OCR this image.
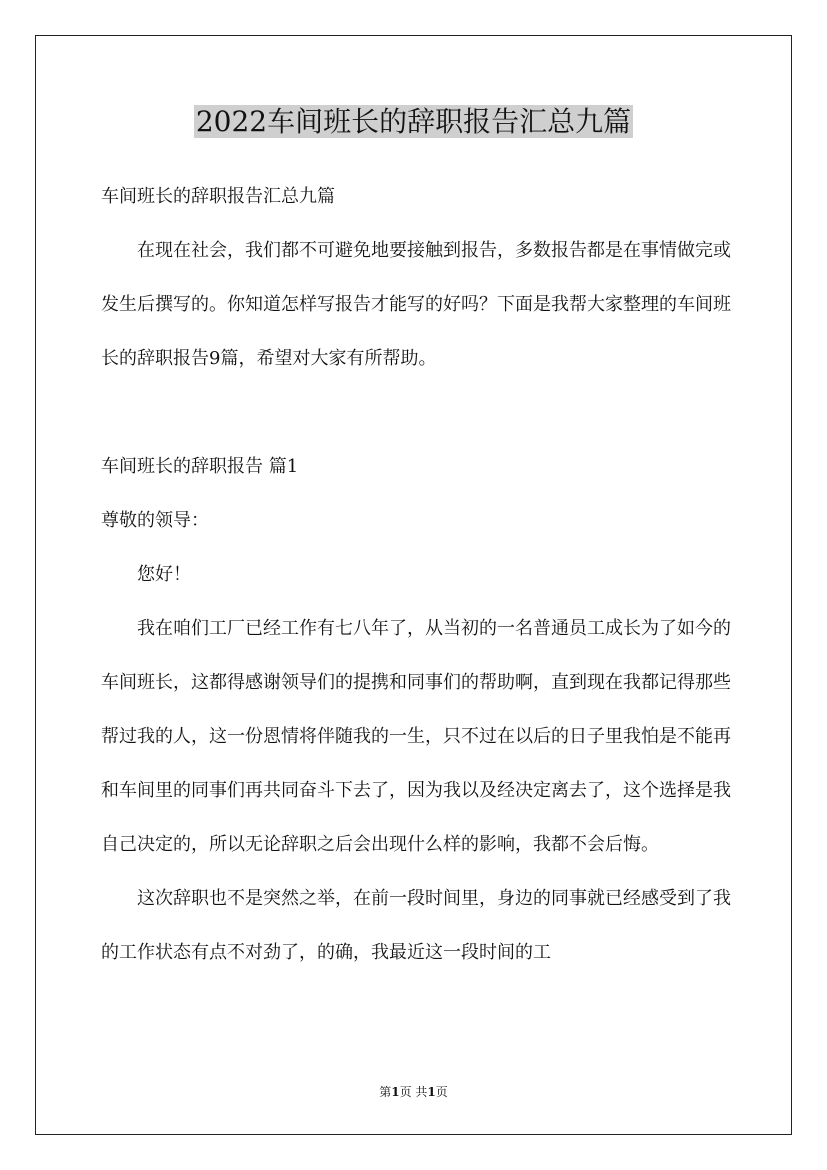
2022车间班长的辞职报告汇总九篇

车间班长的辞职报告汇总九篇

在现在社会，我们都不可避免地要接触到报告，多数报告都是在事情做完或发生后撰写的。你知道怎样写报告才能写的好吗？下面是我帮大家整理的车间班长的辞职报告9篇，希望对大家有所帮助。

车间班长的辞职报告 篇1

尊敬的领导：

您好！

我在咱们工厂已经工作有七八年了，从当初的一名普通员工成长为了如今的车间班长，这都得感谢领导们的提携和同事们的帮助啊，直到现在我都记得那些帮过我的人，这一份恩情将伴随我的一生，只不过在以后的日子里我怕是不能再和车间里的同事们再共同奋斗下去了，因为我以及经决定离去了，这个选择是我自己决定的，所以无论辞职之后会出现什么样的影响，我都不会后悔。

这次辞职也不是突然之举，在前一段时间里，身边的同事就已经感受到了我的工作状态有点不对劲了，的确，我最近这一段时间的工

第1页 共1页
